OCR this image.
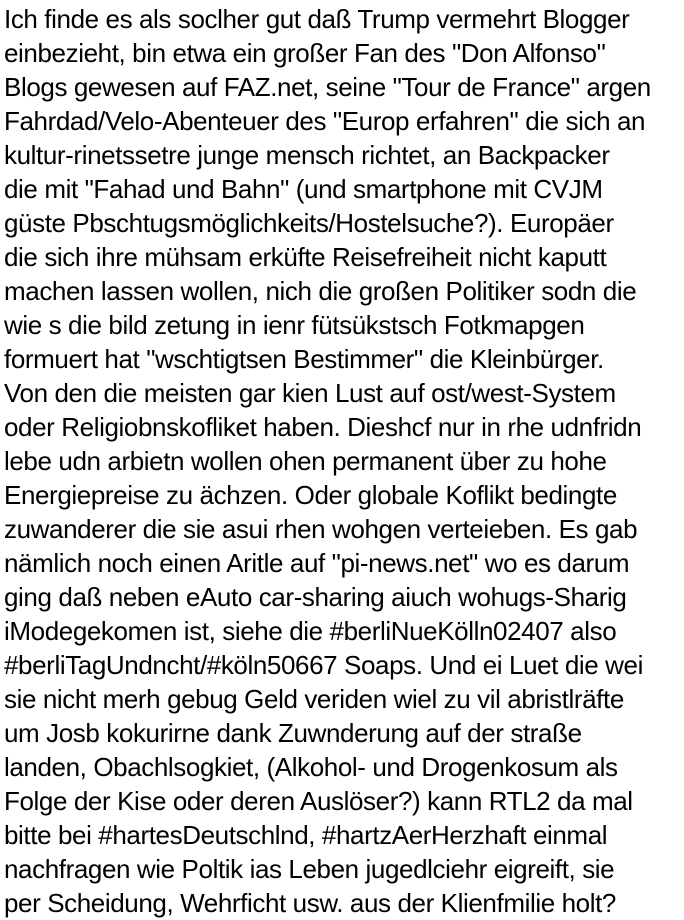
Ich finde es als soclher gut daß Trump vermehrt Blogger
einbezieht, bin etwa ein großer Fan des "Don Alfonso"
Blogs gewesen auf FAZ.net, seine "Tour de France" argen
Fahrdad/Velo-Abenteuer des "Europ erfahren" die sich an
kultur-rinetssetre junge mensch richtet, an Backpacker
die mit "Fahad und Bahn" (und smartphone mit CVJM
güste Pbschtugsmöglichkeits/Hostelsuche?). Europäer
die sich ihre mühsam erküfte Reisefreiheit nicht kaputt
machen lassen wollen, nich die großen Politiker sodn die
wie s die bild zetung in ienr fütsükstsch Fotkmapgen
formuert hat "wschtigtsen Bestimmer" die Kleinbürger.
Von den die meisten gar kien Lust auf ost/west-System
oder Religiobnskofliket haben. Dieshcf nur in rhe udnfridn
lebe udn arbietn wollen ohen permanent über zu hohe
Energiepreise zu ächzen. Oder globale Koflikt bedingte
zuwanderer die sie asui rhen wohgen verteieben. Es gab
nämlich noch einen Aritle auf "pi-news.net" wo es darum
ging daß neben eAuto car-sharing aiuch wohugs-Sharig
iModegekomen ist, siehe die #berliNueKölln02407 also
#berliTagUndncht/#köln50667 Soaps. Und ei Luet die wei
sie nicht merh gebug Geld veriden wiel zu vil abristlräfte
um Josb kokurirne dank Zuwnderung auf der straße
landen, Obachlsogkiet, (Alkohol- und Drogenkosum als
Folge der Kise oder deren Auslöser?) kann RTL2 da mal
bitte bei #hartesDeutschlnd, #hartzAerHerzhaft einmal
nachfragen wie Poltik ias Leben jugedlciehr eigreift, sie
per Scheidung, Wehrficht usw. aus der Klienfmilie holt?
